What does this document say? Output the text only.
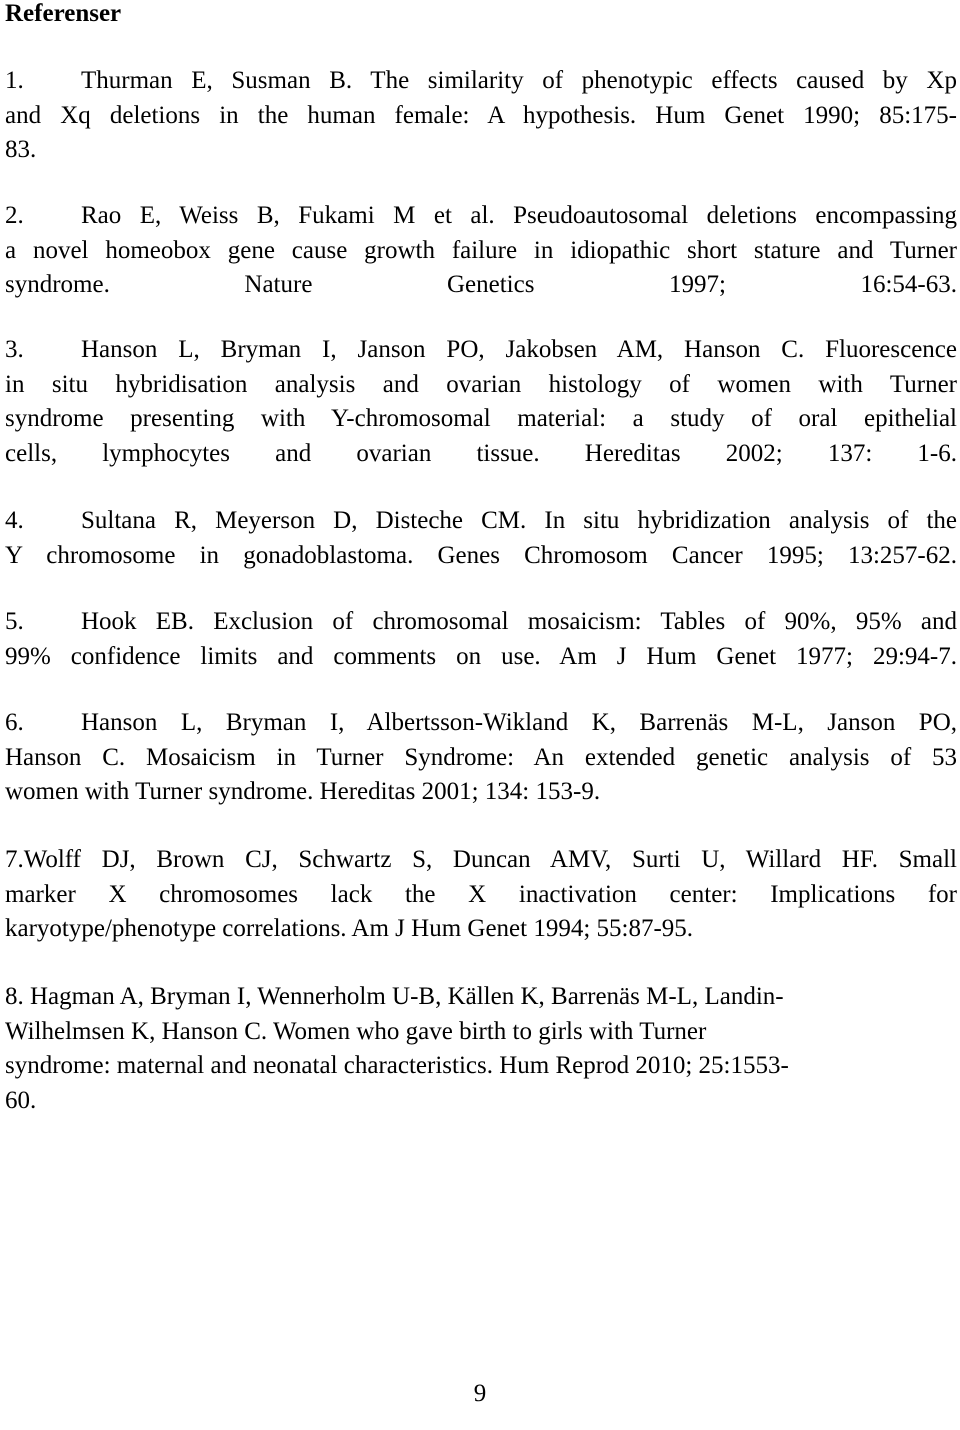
Referenser
1. Thurman E, Susman B. The similarity of phenotypic effects caused by Xp
and Xq deletions in the human female: A hypothesis. Hum Genet 1990; 85:175-
83.
2. Rao E, Weiss B, Fukami M et al. Pseudoautosomal deletions encompassing
a novel homeobox gene cause growth failure in idiopathic short stature and Turner
syndrome. Nature Genetics 1997; 16:54-63.
3. Hanson L, Bryman I, Janson PO, Jakobsen AM, Hanson C. Fluorescence
in situ hybridisation analysis and ovarian histology of women with Turner
syndrome presenting with Y-chromosomal material: a study of oral epithelial
cells, lymphocytes and ovarian tissue. Hereditas 2002; 137: 1-6.
4. Sultana R, Meyerson D, Disteche CM. In situ hybridization analysis of the
Y chromosome in gonadoblastoma. Genes Chromosom Cancer 1995; 13:257-62.
5. Hook EB. Exclusion of chromosomal mosaicism: Tables of 90%, 95% and
99% confidence limits and comments on use. Am J Hum Genet 1977; 29:94-7.
6. Hanson L, Bryman I, Albertsson-Wikland K, Barrenäs M-L, Janson PO,
Hanson C. Mosaicism in Turner Syndrome: An extended genetic analysis of 53
women with Turner syndrome. Hereditas 2001; 134: 153-9.
7.Wolff DJ, Brown CJ, Schwartz S, Duncan AMV, Surti U, Willard HF. Small
marker X chromosomes lack the X inactivation center: Implications for
karyotype/phenotype correlations. Am J Hum Genet 1994; 55:87-95.
8. Hagman A, Bryman I, Wennerholm U-B, Källen K, Barrenäs M-L, Landin-
Wilhelmsen K, Hanson C. Women who gave birth to girls with Turner
syndrome: maternal and neonatal characteristics. Hum Reprod 2010; 25:1553-
60.

9
